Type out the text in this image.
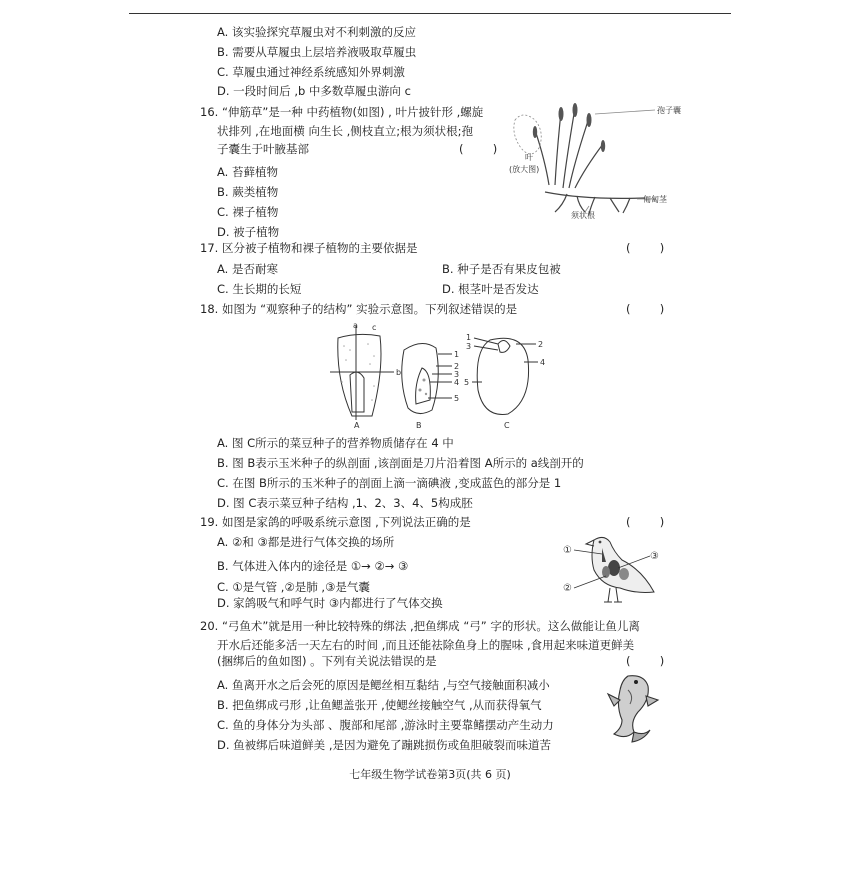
A. 该实验探究草履虫对不利刺激的反应
B. 需要从草履虫上层培养液吸取草履虫
C. 草履虫通过神经系统感知外界刺激
D. 一段时间后 ,b 中多数草履虫游向 c
16. “伸筋草”是一种 中药植物(如图) , 叶片披针形 ,螺旋
状排列 ,在地面横 向生长 ,侧枝直立;根为须状根;孢
子囊生于叶腋基部	(        )
A. 苔藓植物
B. 蕨类植物
C. 裸子植物
D. 被子植物
叶
(放大图)
孢子囊
匍匐茎
须状根
17. 区分被子植物和裸子植物的主要依据是	(        )
A. 是否耐寒	B. 种子是否有果皮包被
C. 生长期的长短	D. 根茎叶是否发达
18. 如图为 “观察种子的结构” 实验示意图。下列叙述错误的是	(        )
a c
b
A
1
2
3
4
5
B
1
3	2
4
5
C
A. 图 C所示的菜豆种子的营养物质储存在 4 中
B. 图 B表示玉米种子的纵剖面 ,该剖面是刀片沿着图 A所示的 a线剖开的
C. 在图 B所示的玉米种子的剖面上滴一滴碘液 ,变成蓝色的部分是 1
D. 图 C表示菜豆种子结构 ,1、2、3、4、5构成胚
19. 如图是家鸽的呼吸系统示意图 ,下列说法正确的是	(        )
A. ②和 ③都是进行气体交换的场所
B. 气体进入体内的途径是 ①→ ②→ ③
C. ①是气管 ,②是肺 ,③是气囊
D. 家鸽吸气和呼气时 ③内都进行了气体交换
①
③
②
20. “弓鱼术”就是用一种比较特殊的绑法 ,把鱼绑成 “弓” 字的形状。这么做能让鱼儿离
开水后还能多活一天左右的时间 ,而且还能祛除鱼身上的腥味 ,食用起来味道更鲜美
(捆绑后的鱼如图) 。下列有关说法错误的是	(        )
A. 鱼离开水之后会死的原因是鳃丝相互黏结 ,与空气接触面积减小
B. 把鱼绑成弓形 ,让鱼鳃盖张开 ,使鳃丝接触空气 ,从而获得氧气
C. 鱼的身体分为头部 、腹部和尾部 ,游泳时主要靠鳍摆动产生动力
D. 鱼被绑后味道鲜美 ,是因为避免了蹦跳损伤或鱼胆破裂而味道苦
七年级生物学试卷第3页(共 6 页)
